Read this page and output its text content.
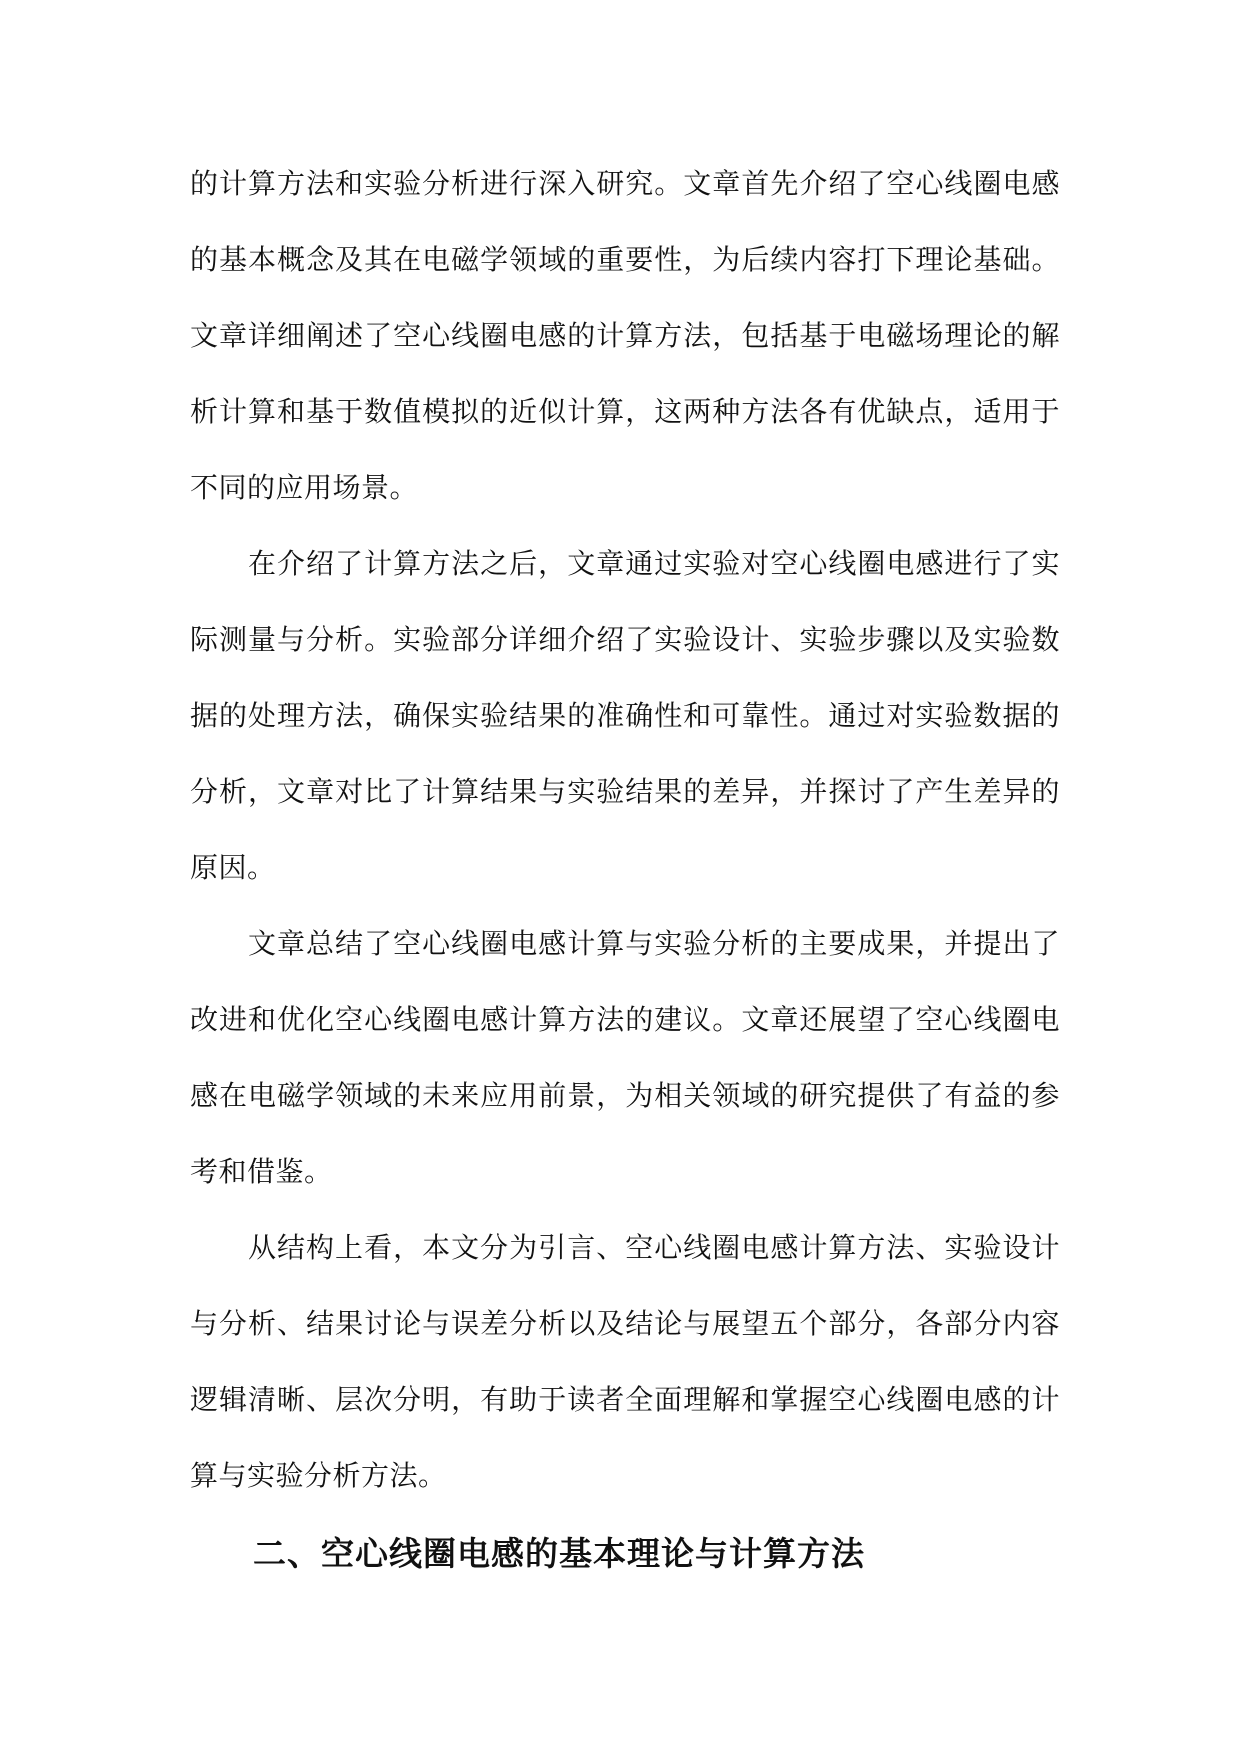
的计算方法和实验分析进行深入研究。文章首先介绍了空心线圈电感的基本概念及其在电磁学领域的重要性，为后续内容打下理论基础。文章详细阐述了空心线圈电感的计算方法，包括基于电磁场理论的解析计算和基于数值模拟的近似计算，这两种方法各有优缺点，适用于不同的应用场景。

在介绍了计算方法之后，文章通过实验对空心线圈电感进行了实际测量与分析。实验部分详细介绍了实验设计、实验步骤以及实验数据的处理方法，确保实验结果的准确性和可靠性。通过对实验数据的分析，文章对比了计算结果与实验结果的差异，并探讨了产生差异的原因。

文章总结了空心线圈电感计算与实验分析的主要成果，并提出了改进和优化空心线圈电感计算方法的建议。文章还展望了空心线圈电感在电磁学领域的未来应用前景，为相关领域的研究提供了有益的参考和借鉴。

从结构上看，本文分为引言、空心线圈电感计算方法、实验设计与分析、结果讨论与误差分析以及结论与展望五个部分，各部分内容逻辑清晰、层次分明，有助于读者全面理解和掌握空心线圈电感的计算与实验分析方法。

二、空心线圈电感的基本理论与计算方法
